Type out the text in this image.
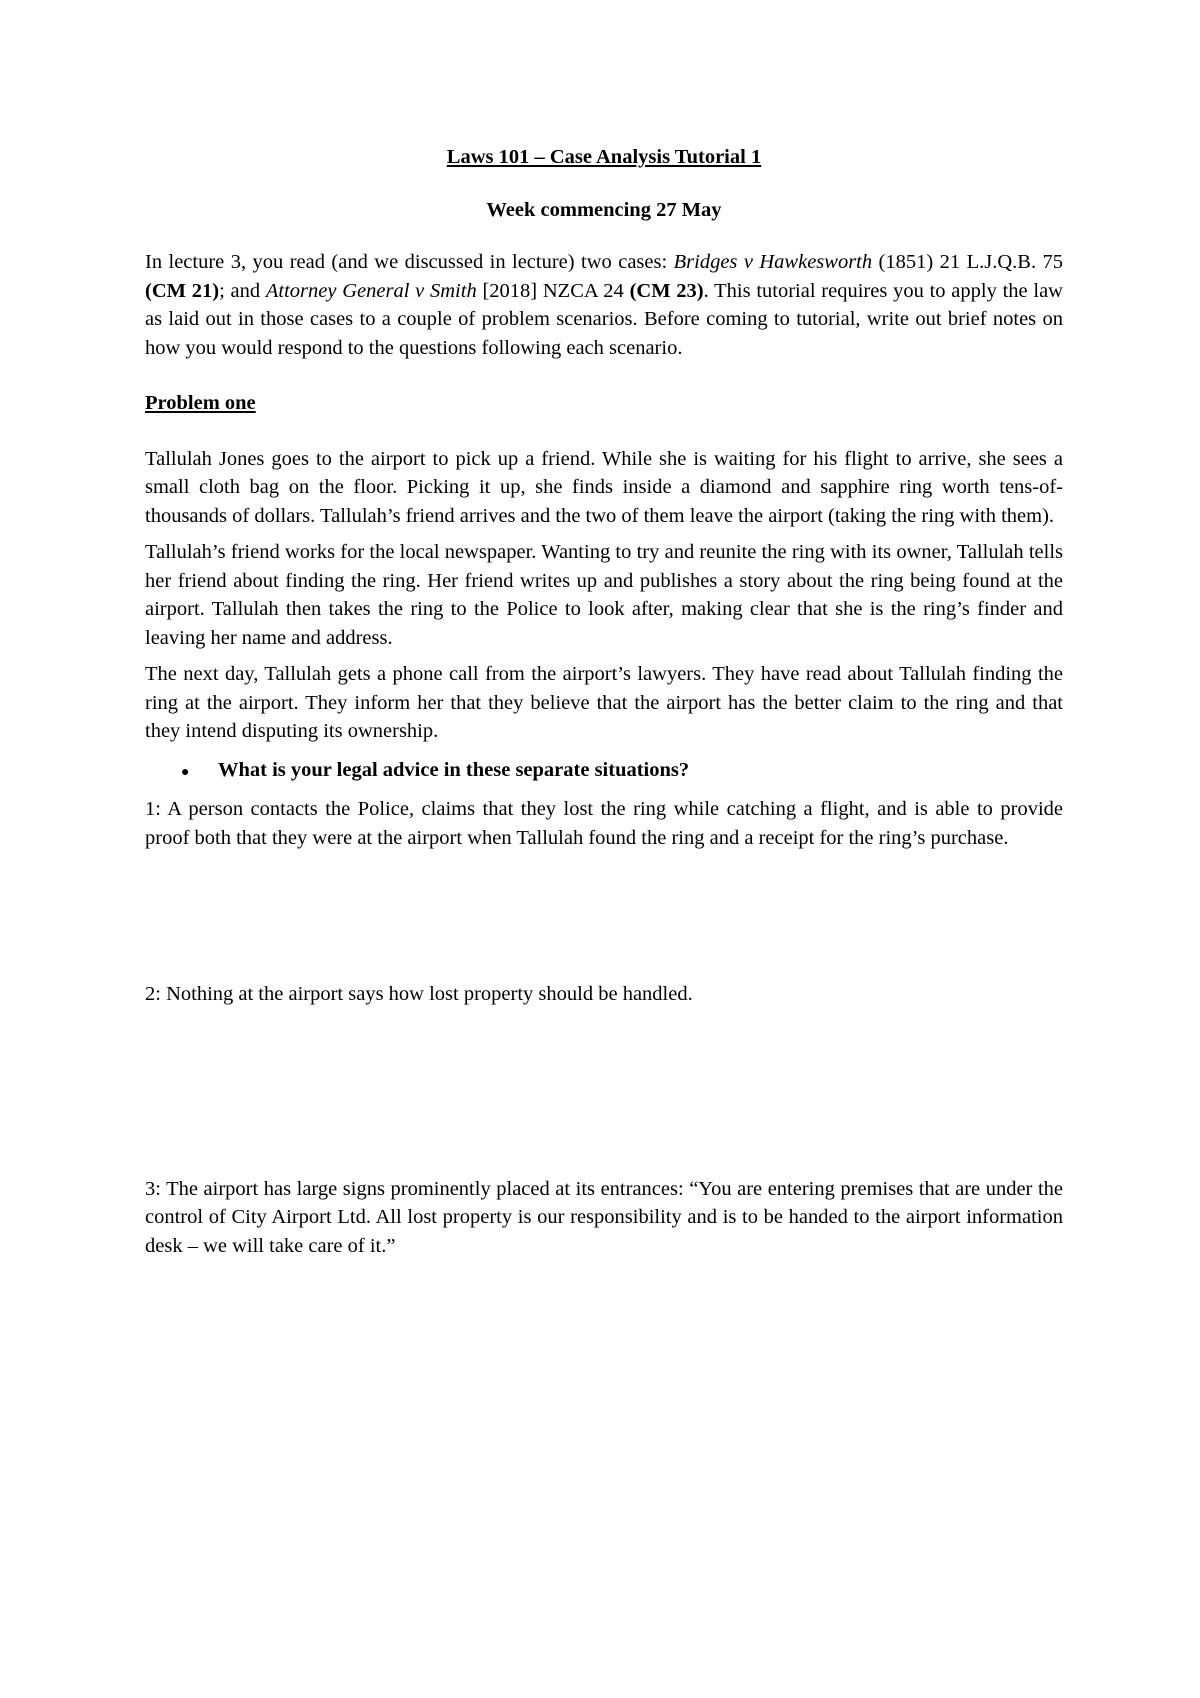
Laws 101 – Case Analysis Tutorial 1

Week commencing 27 May

In lecture 3, you read (and we discussed in lecture) two cases: Bridges v Hawkesworth (1851) 21 L.J.Q.B. 75 (CM 21); and Attorney General v Smith [2018] NZCA 24 (CM 23). This tutorial requires you to apply the law as laid out in those cases to a couple of problem scenarios. Before coming to tutorial, write out brief notes on how you would respond to the questions following each scenario.

Problem one

Tallulah Jones goes to the airport to pick up a friend. While she is waiting for his flight to arrive, she sees a small cloth bag on the floor. Picking it up, she finds inside a diamond and sapphire ring worth tens-of-thousands of dollars. Tallulah’s friend arrives and the two of them leave the airport (taking the ring with them).

Tallulah’s friend works for the local newspaper. Wanting to try and reunite the ring with its owner, Tallulah tells her friend about finding the ring. Her friend writes up and publishes a story about the ring being found at the airport. Tallulah then takes the ring to the Police to look after, making clear that she is the ring’s finder and leaving her name and address.

The next day, Tallulah gets a phone call from the airport’s lawyers. They have read about Tallulah finding the ring at the airport. They inform her that they believe that the airport has the better claim to the ring and that they intend disputing its ownership.

●	What is your legal advice in these separate situations?

1: A person contacts the Police, claims that they lost the ring while catching a flight, and is able to provide proof both that they were at the airport when Tallulah found the ring and a receipt for the ring’s purchase.

2: Nothing at the airport says how lost property should be handled.

3: The airport has large signs prominently placed at its entrances: “You are entering premises that are under the control of City Airport Ltd. All lost property is our responsibility and is to be handed to the airport information desk – we will take care of it.”
